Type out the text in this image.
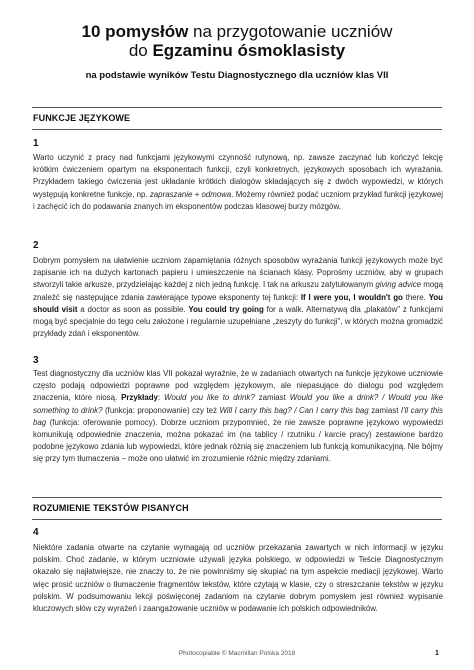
10 pomysłów na przygotowanie uczniów
do Egzaminu ósmoklasisty
na podstawie wyników Testu Diagnostycznego dla uczniów klas VII
FUNKCJE JĘZYKOWE
1
Warto uczynić z pracy nad funkcjami językowymi czynność rutynową, np. zawsze zaczynać lub kończyć lekcję krótkim ćwiczeniem opartym na eksponentach funkcji, czyli konkretnych, językowych sposobach ich wyrażania. Przykładem takiego ćwiczenia jest układanie krótkich dialogów składających się z dwóch wypowiedzi, w których występują konkretne funkcje, np. zapraszanie + odmowa. Możemy również podać uczniom przykład funkcji językowej i zachęcić ich do podawania znanych im eksponentów podczas klasowej burzy mózgów.
2
Dobrym pomysłem na ułatwienie uczniom zapamiętania różnych sposobów wyrażania funkcji językowych może być zapisanie ich na dużych kartonach papieru i umieszczenie na ścianach klasy. Poprośmy uczniów, aby w grupach stworzyli takie arkusze, przydzielając każdej z nich jedną funkcję. I tak na arkuszu zatytułowanym giving advice mogą znaleźć się następujące zdania zawierające typowe eksponenty tej funkcji: If I were you, I wouldn't go there. You should visit a doctor as soon as possible. You could try going for a walk. Alternatywą dla „plakatów" z funkcjami mogą być specjalnie do tego celu założone i regularnie uzupełniane „zeszyty do funkcji", w których można gromadzić przykłady zdań i eksponentów.
3
Test diagnostyczny dla uczniów klas VII pokazał wyraźnie, że w zadaniach otwartych na funkcje językowe uczniowie często podają odpowiedzi poprawne pod względem językowym, ale niepasujące do dialogu pod względem znaczenia, które niosą. Przykłady: Would you like to drink? zamiast Would you like a drink? / Would you like something to drink? (funkcja: proponowanie) czy też Will I carry this bag? / Can I carry this bag zamiast I'll carry this bag (funkcja: oferowanie pomocy). Dobrze uczniom przypomnieć, że nie zawsze poprawne językowo wypowiedzi komunikują odpowiednie znaczenia, można pokazać im (na tablicy / rzutniku / karcie pracy) zestawione bardzo podobne językowo zdania lub wypowiedzi, które jednak różnią się znaczeniem lub funkcją komunikacyjną. Nie bójmy się przy tym tłumaczenia – może ono ułatwić im zrozumienie różnic między zdaniami.
ROZUMIENIE TEKSTÓW PISANYCH
4
Niektóre zadania otwarte na czytanie wymagają od uczniów przekazania zawartych w nich informacji w języku polskim. Choć zadanie, w którym uczniowie używali języka polskiego, w odpowiedzi w Teście Diagnostycznym okazało się najłatwiejsze, nie znaczy to, że nie powinniśmy się skupiać na tym aspekcie mediacji językowej. Warto więc prosić uczniów o tłumaczenie fragmentów tekstów, które czytają w klasie, czy o streszczanie tekstów w języku polskim. W podsumowaniu lekcji poświęconej zadaniom na czytanie dobrym pomysłem jest również wypisanie kluczowych słów czy wyrażeń i zaangażowanie uczniów w podawanie ich polskich odpowiedników.
Photocopiable © Macmillan Polska 2018	1
